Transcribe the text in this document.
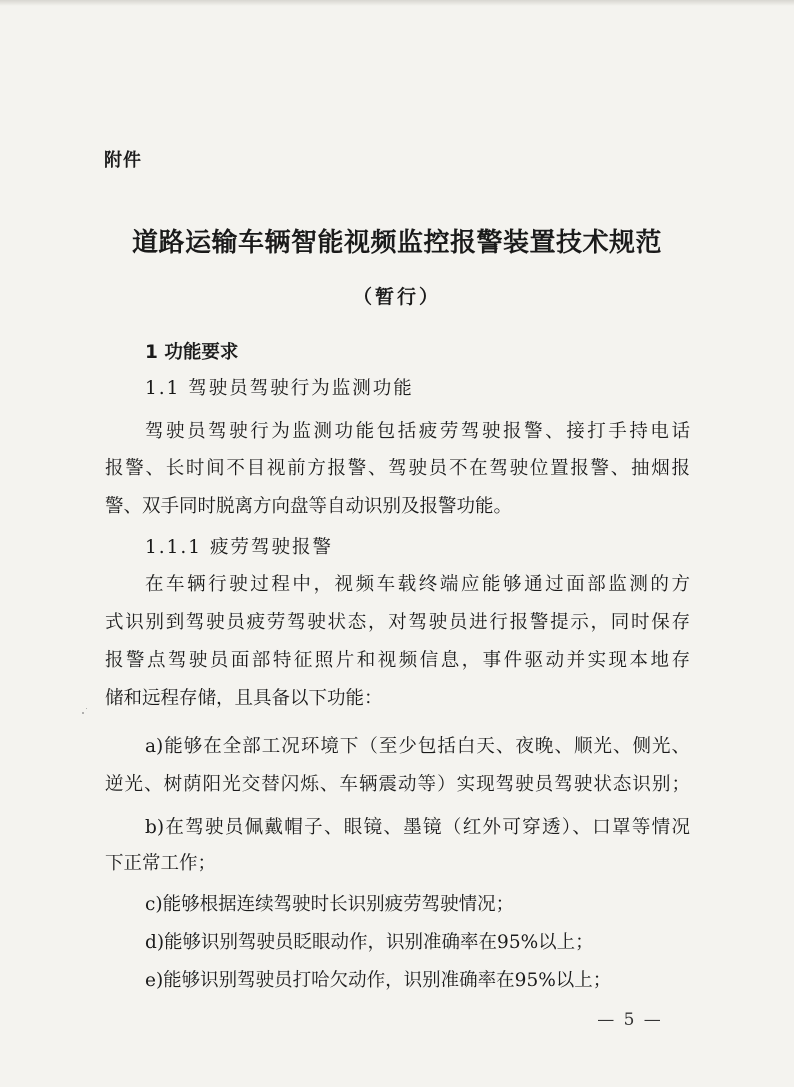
附件
道路运输车辆智能视频监控报警装置技术规范
（暂行）
1 功能要求
1.1 驾驶员驾驶行为监测功能
驾驶员驾驶行为监测功能包括疲劳驾驶报警、接打手持电话
报警、长时间不目视前方报警、驾驶员不在驾驶位置报警、抽烟报
警、双手同时脱离方向盘等自动识别及报警功能。
1.1.1 疲劳驾驶报警
在车辆行驶过程中，视频车载终端应能够通过面部监测的方
式识别到驾驶员疲劳驾驶状态，对驾驶员进行报警提示，同时保存
报警点驾驶员面部特征照片和视频信息，事件驱动并实现本地存
储和远程存储，且具备以下功能：
a)能够在全部工况环境下（至少包括白天、夜晚、顺光、侧光、
逆光、树荫阳光交替闪烁、车辆震动等）实现驾驶员驾驶状态识别；
b)在驾驶员佩戴帽子、眼镜、墨镜（红外可穿透）、口罩等情况
下正常工作；
c)能够根据连续驾驶时长识别疲劳驾驶情况；
d)能够识别驾驶员眨眼动作，识别准确率在95%以上；
e)能够识别驾驶员打哈欠动作，识别准确率在95%以上；
— 5 —
